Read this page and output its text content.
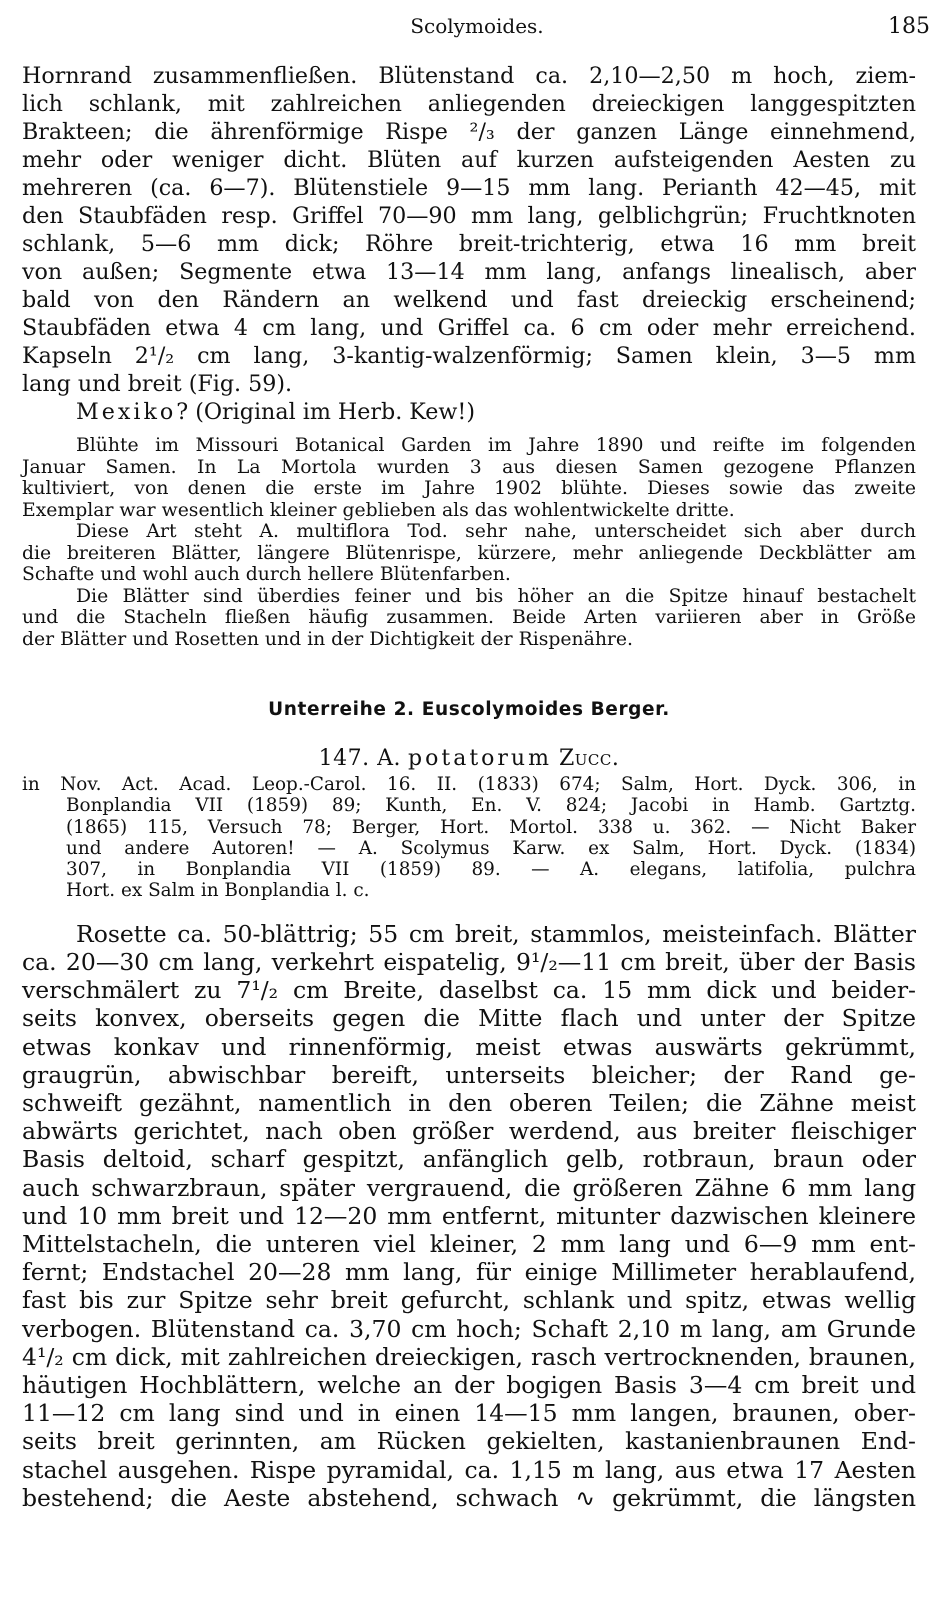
Scolymoides.	185

Hornrand zusammenfließen. Blütenstand ca. 2,10—2,50 m hoch, ziem-
lich schlank, mit zahlreichen anliegenden dreieckigen langgespitzten
Brakteen; die ährenförmige Rispe ²/₃ der ganzen Länge einnehmend,
mehr oder weniger dicht. Blüten auf kurzen aufsteigenden Aesten zu
mehreren (ca. 6—7). Blütenstiele 9—15 mm lang. Perianth 42—45, mit
den Staubfäden resp. Griffel 70—90 mm lang, gelblichgrün; Fruchtknoten
schlank, 5—6 mm dick; Röhre breit-trichterig, etwa 16 mm breit
von außen; Segmente etwa 13—14 mm lang, anfangs linealisch, aber
bald von den Rändern an welkend und fast dreieckig erscheinend;
Staubfäden etwa 4 cm lang, und Griffel ca. 6 cm oder mehr erreichend.
Kapseln 2¹/₂ cm lang, 3-kantig-walzenförmig; Samen klein, 3—5 mm
lang und breit (Fig. 59).

Mexiko? (Original im Herb. Kew!)

Blühte im Missouri Botanical Garden im Jahre 1890 und reifte im folgenden
Januar Samen. In La Mortola wurden 3 aus diesen Samen gezogene Pflanzen
kultiviert, von denen die erste im Jahre 1902 blühte. Dieses sowie das zweite
Exemplar war wesentlich kleiner geblieben als das wohlentwickelte dritte.

Diese Art steht A. multiflora Tod. sehr nahe, unterscheidet sich aber durch
die breiteren Blätter, längere Blütenrispe, kürzere, mehr anliegende Deckblätter am
Schafte und wohl auch durch hellere Blütenfarben.

Die Blätter sind überdies feiner und bis höher an die Spitze hinauf bestachelt
und die Stacheln fließen häufig zusammen. Beide Arten variieren aber in Größe
der Blätter und Rosetten und in der Dichtigkeit der Rispenähre.

Unterreihe 2. Euscolymoides Berger.
147. A. potatorum Zucc.
in Nov. Act. Acad. Leop.-Carol. 16. II. (1833) 674; Salm, Hort. Dyck. 306, in
Bonplandia VII (1859) 89; Kunth, En. V. 824; Jacobi in Hamb. Gartztg.
(1865) 115, Versuch 78; Berger, Hort. Mortol. 338 u. 362. — Nicht Baker
und andere Autoren! — A. Scolymus Karw. ex Salm, Hort. Dyck. (1834)
307, in Bonplandia VII (1859) 89. — A. elegans, latifolia, pulchra
Hort. ex Salm in Bonplandia l. c.
Rosette ca. 50-blättrig; 55 cm breit, stammlos, meisteinfach. Blätter
ca. 20—30 cm lang, verkehrt eispatelig, 9¹/₂—11 cm breit, über der Basis
verschmälert zu 7¹/₂ cm Breite, daselbst ca. 15 mm dick und beider-
seits konvex, oberseits gegen die Mitte flach und unter der Spitze
etwas konkav und rinnenförmig, meist etwas auswärts gekrümmt,
graugrün, abwischbar bereift, unterseits bleicher; der Rand ge-
schweift gezähnt, namentlich in den oberen Teilen; die Zähne meist
abwärts gerichtet, nach oben größer werdend, aus breiter fleischiger
Basis deltoid, scharf gespitzt, anfänglich gelb, rotbraun, braun oder
auch schwarzbraun, später vergrauend, die größeren Zähne 6 mm lang
und 10 mm breit und 12—20 mm entfernt, mitunter dazwischen kleinere
Mittelstacheln, die unteren viel kleiner, 2 mm lang und 6—9 mm ent-
fernt; Endstachel 20—28 mm lang, für einige Millimeter herablaufend,
fast bis zur Spitze sehr breit gefurcht, schlank und spitz, etwas wellig
verbogen. Blütenstand ca. 3,70 cm hoch; Schaft 2,10 m lang, am Grunde
4¹/₂ cm dick, mit zahlreichen dreieckigen, rasch vertrocknenden, braunen,
häutigen Hochblättern, welche an der bogigen Basis 3—4 cm breit und
11—12 cm lang sind und in einen 14—15 mm langen, braunen, ober-
seits breit gerinnten, am Rücken gekielten, kastanienbraunen End-
stachel ausgehen. Rispe pyramidal, ca. 1,15 m lang, aus etwa 17 Aesten
bestehend; die Aeste abstehend, schwach ∿ gekrümmt, die längsten
